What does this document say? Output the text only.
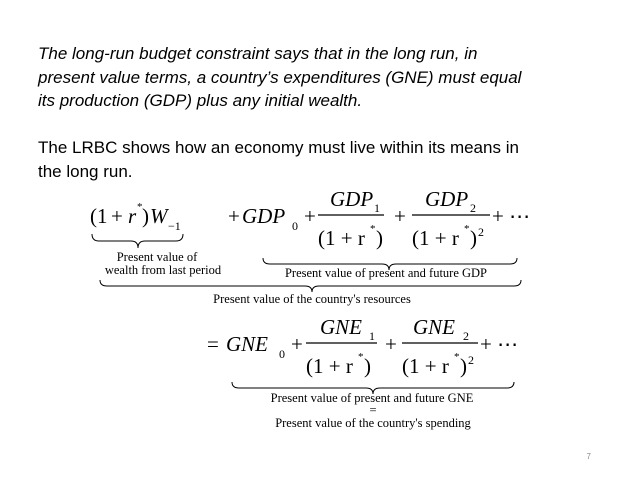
The long-run budget constraint says that in the long run, in
present value terms, a country’s expenditures (GNE) must equal
its production (GDP) plus any initial wealth.

The LRBC shows how an economy must live within its means in
the long run.

(1 + r * ) W −1 + GDP 0 +
GDP 1
(1 + r * )
+
GDP 2
(1 + r * ) 2
+ ⋯
Present value of
wealth from last period	Present value of present and future GDP
Present value of the country's resources
= GNE 0 +
GNE 1
(1 + r * )
+
GNE 2
(1 + r * ) 2
+ ⋯
Present value of present and future GNE
=
Present value of the country's spending
7
